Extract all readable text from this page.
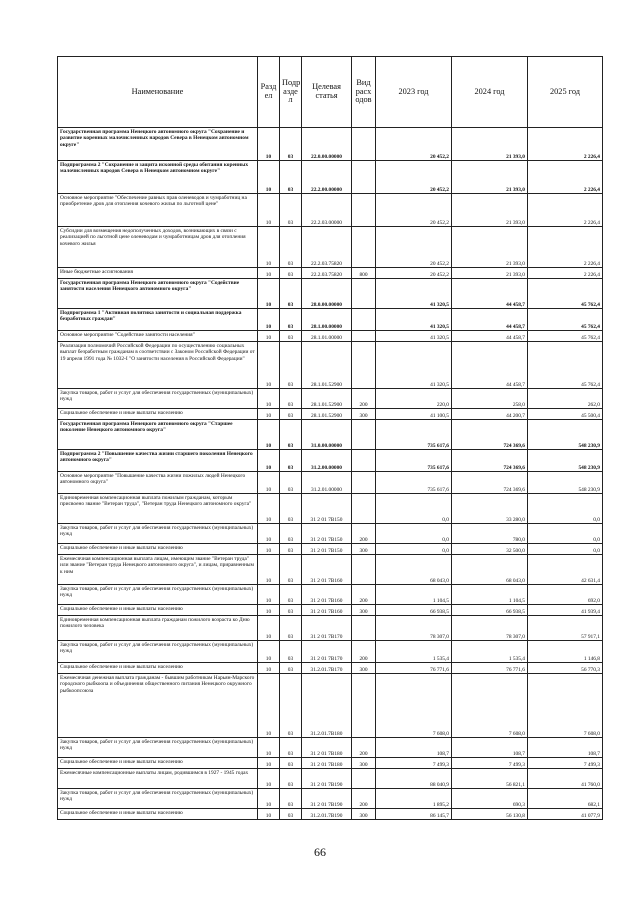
Наименование	Разд ел	Подр азде л	Целевая статья	Вид расх одов	2023 год	2024 год	2025 год
Государственная программа Ненецкого автономного округа "Сохранение и развитие коренных малочисленных народов Севера в Ненецком автономном округе"	10	03	22.0.00.00000		20 452,2	21 393,0	2 226,4
Подпрограмма 2 "Сохранение и защита исконной среды обитания коренных малочисленных народов Севера в Ненецком автономном округе"	10	03	22.2.00.00000		20 452,2	21 393,0	2 226,4
Основное мероприятие "Обеспечение равных прав оленеводов и чумработниц на приобретение дров для отопления кочевого жилья по льготной цене"	10	03	22.2.03.00000		20 452,2	21 393,0	2 226,4
Субсидии для возмещения недополученных доходов, возникающих в связи с реализацией по льготной цене оленеводам и чумработницам дров для отопления кочевого жилья	10	03	22.2.03.75820		20 452,2	21 393,0	2 226,4
Иные бюджетные ассигнования	10	03	22.2.03.75820	800	20 452,2	21 393,0	2 226,4
Государственная программа Ненецкого автономного округа "Содействие занятости населения Ненецкого автономного округа"	10	03	28.0.00.00000		41 320,5	44 458,7	45 762,4
Подпрограмма 1 "Активная политика занятости и социальная поддержка безработных граждан"	10	03	28.1.00.00000		41 320,5	44 458,7	45 762,4
Основное мероприятие "Содействие занятости населения"	10	03	28.1.01.00000		41 320,5	44 458,7	45 762,4
Реализация полномочий Российской Федерации по осуществлению социальных выплат безработным гражданам в соответствии с Законом Российской Федерации от 19 апреля 1991 года № 1032-I "О занятости населения в Российской Федерации"	10	03	28.1.01.52900		41 320,5	44 458,7	45 762,4
Закупка товаров, работ и услуг для обеспечения государственных (муниципальных) нужд	10	03	28.1.01.52900	200	220,0	258,0	262,0
Социальное обеспечение и иные выплаты населению	10	03	28.1.01.52900	300	41 100,5	44 200,7	45 500,4
Государственная программа Ненецкого автономного округа "Старшее поколение Ненецкого автономного округа"	10	03	31.0.00.00000		735 617,6	724 369,6	548 230,9
Подпрограмма 2 "Повышение качества жизни старшего поколения Ненецкого автономного округа"	10	03	31.2.00.00000		735 617,6	724 369,6	548 230,9
Основное мероприятие "Повышение качества жизни пожилых людей Ненецкого автономного округа"	10	03	31.2.01.00000		735 617,6	724 369,6	548 230,9
Единовременная компенсационная выплата пожилым гражданам, которым присвоено звание "Ветеран труда", "Ветеран труда Ненецкого автономного округа"	10	03	31 2 01 7B150		0,0	33 280,0	0,0
Закупка товаров, работ и услуг для обеспечения государственных (муниципальных) нужд	10	03	31 2 01 7B150	200	0,0	780,0	0,0
Социальное обеспечение и иные выплаты населению	10	03	31 2 01 7B150	300	0,0	32 500,0	0,0
Ежемесячная компенсационная выплата лицам, имеющим звание "Ветеран труда" или звание "Ветеран труда Ненецкого автономного округа", и лицам, приравненным к ним	10	03	31 2 01 7B160		68 043,0	68 043,0	42 631,4
Закупка товаров, работ и услуг для обеспечения государственных (муниципальных) нужд	10	03	31 2 01 7B160	200	1 104,5	1 104,5	692,0
Социальное обеспечение и иные выплаты населению	10	03	31 2 01 7B160	300	66 938,5	66 938,5	41 939,4
Единовременная компенсационная выплата гражданам пожилого возраста ко Дню пожилого человека	10	03	31 2 01 7B170		78 307,0	78 307,0	57 917,1
Закупка товаров, работ и услуг для обеспечения государственных (муниципальных) нужд	10	03	31 2 01 7B170	200	1 535,4	1 535,4	1 146,8
Социальное обеспечение и иные выплаты населению	10	03	31.2.01.7B170	300	76 771,6	76 771,6	56 770,3
Ежемесячная денежная выплата гражданам - бывшим работникам Нарьян-Марского городского рыбкоопа и объединения общественного питания Ненецкого окружного рыбкоопсоюза	10	03	31.2.01.7B180		7 608,0	7 608,0	7 608,0
Закупка товаров, работ и услуг для обеспечения государственных (муниципальных) нужд	10	03	31 2 01 7B180	200	108,7	108,7	108,7
Социальное обеспечение и иные выплаты населению	10	03	31 2 01 7B180	300	7 499,3	7 499,3	7 499,3
Ежемесячные компенсационные выплаты лицам, родившимся в 1927 - 1945 годах	10	03	31 2 01 7B190		88 040,9	56 821,1	41 760,0
Закупка товаров, работ и услуг для обеспечения государственных (муниципальных) нужд	10	03	31 2 01 7B190	200	1 895,2	690,3	682,1
Социальное обеспечение и иные выплаты населению	10	03	31.2.01.7B190	300	86 145,7	56 130,8	41 077,9
66
